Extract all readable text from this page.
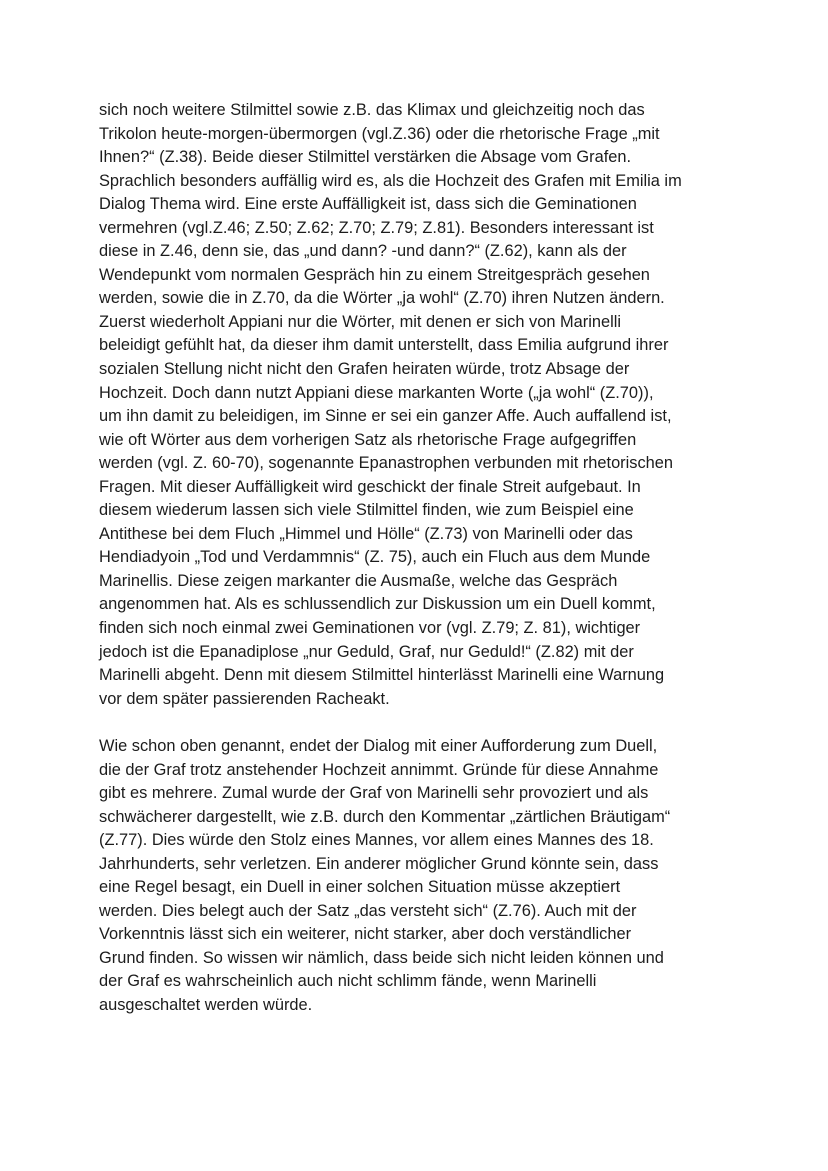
sich noch weitere Stilmittel sowie z.B. das Klimax und gleichzeitig noch das
Trikolon heute-morgen-übermorgen (vgl.Z.36) oder die rhetorische Frage „mit
Ihnen?“ (Z.38). Beide dieser Stilmittel verstärken die Absage vom Grafen.
Sprachlich besonders auffällig wird es, als die Hochzeit des Grafen mit Emilia im
Dialog Thema wird. Eine erste Auffälligkeit ist, dass sich die Geminationen
vermehren (vgl.Z.46; Z.50; Z.62; Z.70; Z.79; Z.81). Besonders interessant ist
diese in Z.46, denn sie, das „und dann? -und dann?“ (Z.62), kann als der
Wendepunkt vom normalen Gespräch hin zu einem Streitgespräch gesehen
werden, sowie die in Z.70, da die Wörter „ja wohl“ (Z.70) ihren Nutzen ändern.
Zuerst wiederholt Appiani nur die Wörter, mit denen er sich von Marinelli
beleidigt gefühlt hat, da dieser ihm damit unterstellt, dass Emilia aufgrund ihrer
sozialen Stellung nicht nicht den Grafen heiraten würde, trotz Absage der
Hochzeit. Doch dann nutzt Appiani diese markanten Worte („ja wohl“ (Z.70)),
um ihn damit zu beleidigen, im Sinne er sei ein ganzer Affe. Auch auffallend ist,
wie oft Wörter aus dem vorherigen Satz als rhetorische Frage aufgegriffen
werden (vgl. Z. 60-70), sogenannte Epanastrophen verbunden mit rhetorischen
Fragen. Mit dieser Auffälligkeit wird geschickt der finale Streit aufgebaut. In
diesem wiederum lassen sich viele Stilmittel finden, wie zum Beispiel eine
Antithese bei dem Fluch „Himmel und Hölle“ (Z.73) von Marinelli oder das
Hendiadyoin „Tod und Verdammnis“ (Z. 75), auch ein Fluch aus dem Munde
Marinellis. Diese zeigen markanter die Ausmaße, welche das Gespräch
angenommen hat. Als es schlussendlich zur Diskussion um ein Duell kommt,
finden sich noch einmal zwei Geminationen vor (vgl. Z.79; Z. 81), wichtiger
jedoch ist die Epanadiplose „nur Geduld, Graf, nur Geduld!“ (Z.82) mit der
Marinelli abgeht. Denn mit diesem Stilmittel hinterlässt Marinelli eine Warnung
vor dem später passierenden Racheakt.

Wie schon oben genannt, endet der Dialog mit einer Aufforderung zum Duell,
die der Graf trotz anstehender Hochzeit annimmt. Gründe für diese Annahme
gibt es mehrere. Zumal wurde der Graf von Marinelli sehr provoziert und als
schwächerer dargestellt, wie z.B. durch den Kommentar „zärtlichen Bräutigam“
(Z.77). Dies würde den Stolz eines Mannes, vor allem eines Mannes des 18.
Jahrhunderts, sehr verletzen. Ein anderer möglicher Grund könnte sein, dass
eine Regel besagt, ein Duell in einer solchen Situation müsse akzeptiert
werden. Dies belegt auch der Satz „das versteht sich“ (Z.76). Auch mit der
Vorkenntnis lässt sich ein weiterer, nicht starker, aber doch verständlicher
Grund finden. So wissen wir nämlich, dass beide sich nicht leiden können und
der Graf es wahrscheinlich auch nicht schlimm fände, wenn Marinelli
ausgeschaltet werden würde.
